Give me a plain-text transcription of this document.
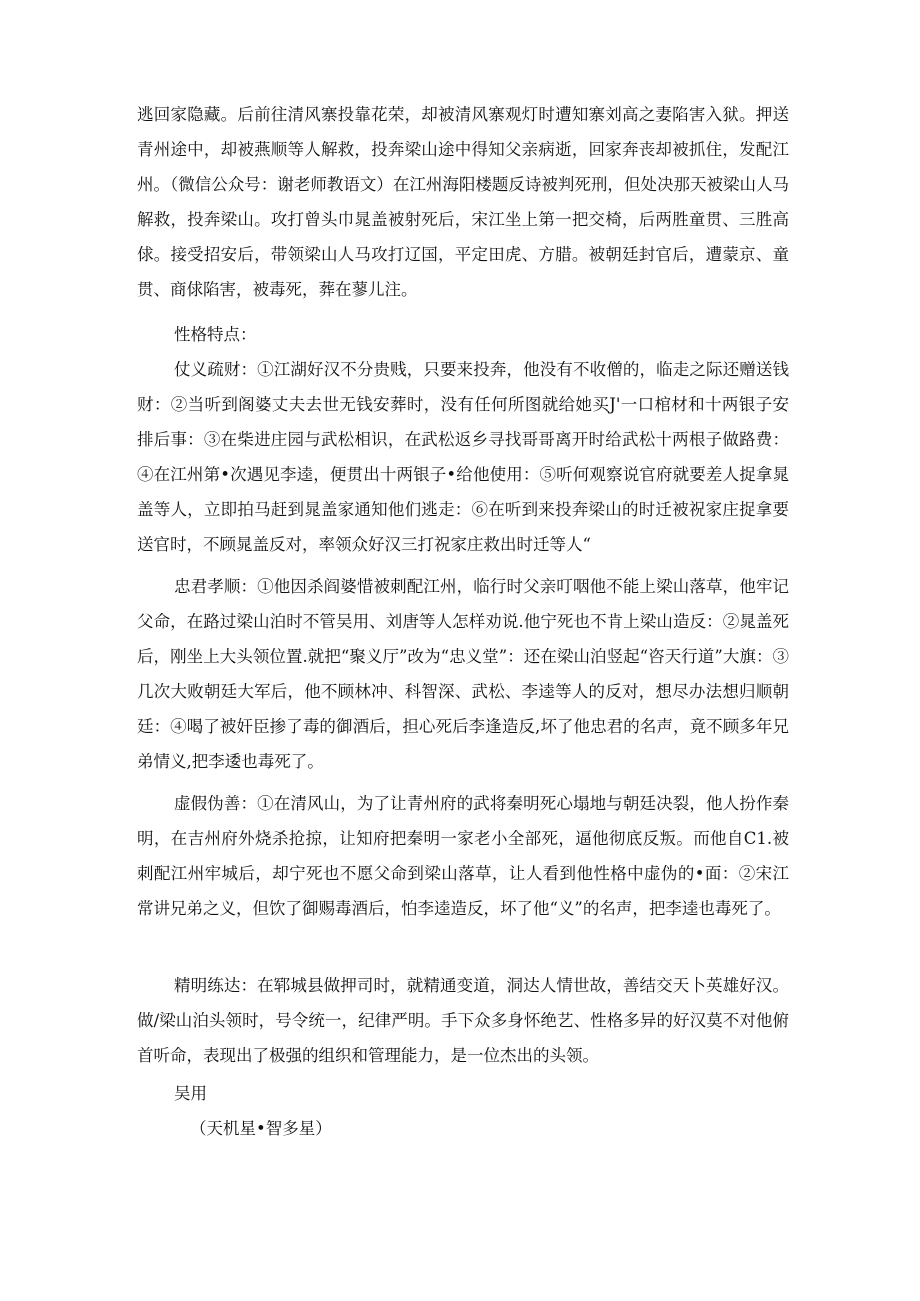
逃回家隐藏。后前往清风寨投靠花荣，却被清风寨观灯时遭知寨刘高之妻陷害入狱。押送青州途中，却被燕顺等人解救，投奔梁山途中得知父亲病逝，回家奔丧却被抓住，发配江州。（微信公众号：谢老师教语文）在江州海阳楼题反诗被判死刑，但处决那天被梁山人马解救，投奔梁山。攻打曾头巾晁盖被射死后，宋江坐上第一把交椅，后两胜童贯、三胜高俅。接受招安后，带领梁山人马攻打辽国，平定田虎、方腊。被朝廷封官后，遭蒙京、童贯、商俅陷害，被毒死，葬在蓼儿注。

性格特点：

仗义疏财：①江湖好汉不分贵贱，只要来投奔，他没有不收僧的，临走之际还赠送钱财：②当听到阁婆丈夫去世无钱安葬时，没有任何所图就给她买J'一口棺材和十两银子安排后事：③在柴进庄园与武松相识，在武松返乡寻找哥哥离开时给武松十两根子做路费：④在江州第•次遇见李逵，便贯出十两银子•给他使用：⑤听何观察说官府就要差人捉拿晁盖等人，立即拍马赶到晁盖家通知他们逃走：⑥在听到来投奔梁山的时迁被祝家庄捉拿要送官时，不顾晁盖反对，率领众好汉三打祝家庄救出时迁等人“

忠君孝顺：①他因杀阎婆惜被刺配江州，临行时父亲叮咽他不能上梁山落草，他牢记父命，在路过梁山泊时不管吴用、刘唐等人怎样劝说.他宁死也不肯上梁山造反：②晁盖死后，刚坐上大头领位置.就把“聚义厅”改为“忠义堂”：还在梁山泊竖起“咨天行道”大旗：③几次大败朝廷大军后，他不顾林冲、科智深、武松、李逵等人的反对，想尽办法想归顺朝廷：④喝了被奸臣掺了毒的御酒后，担心死后李逢造反,坏了他忠君的名声，竟不顾多年兄弟情义,把李逶也毒死了。

虚假伪善：①在清风山，为了让青州府的武将秦明死心塌地与朝廷决裂，他人扮作秦明，在吉州府外烧杀抢掠，让知府把秦明一家老小全部死，逼他彻底反叛。而他自C1.被刺配江州牢城后，却宁死也不愿父命到梁山落草，让人看到他性格中虚伪的•面：②宋江常讲兄弟之义，但饮了御赐毒酒后，怕李逵造反，坏了他“义”的名声，把李逵也毒死了。

精明练达：在郓城县做押司时，就精通变道，洞达人情世故，善结交天卜英雄好汉。做/梁山泊头领时，号令统一，纪律严明。手下众多身怀绝艺、性格多异的好汉莫不对他俯首听命，表现出了极强的组织和管理能力，是一位杰出的头领。

吴用

（天机星•智多星）
